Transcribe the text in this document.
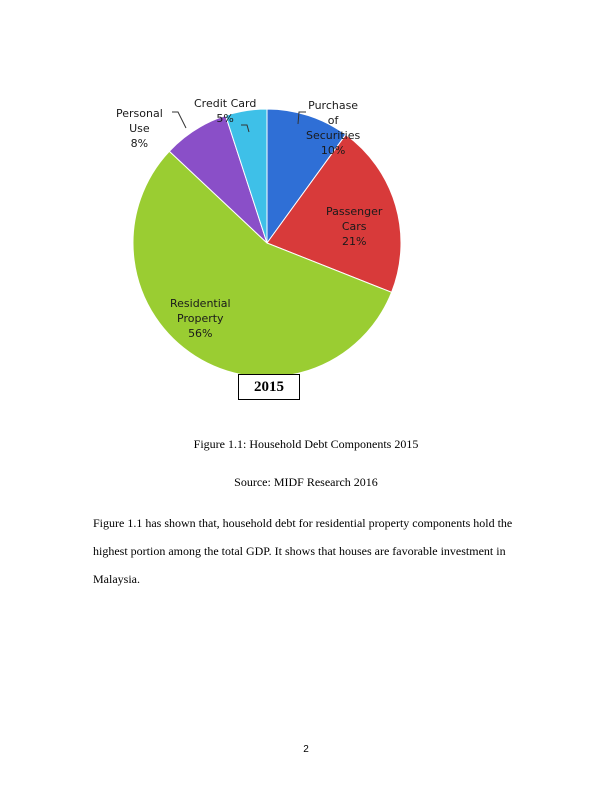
Purchase
of
Securities
10%
Passenger
Cars
21%
Residential
Property
56%
Personal
Use
8%
Credit Card
5%
2015
Figure 1.1: Household Debt Components 2015
Source: MIDF Research 2016
Figure 1.1 has shown that, household debt for residential property components hold the highest portion among the total GDP. It shows that houses are favorable investment in Malaysia.
2
